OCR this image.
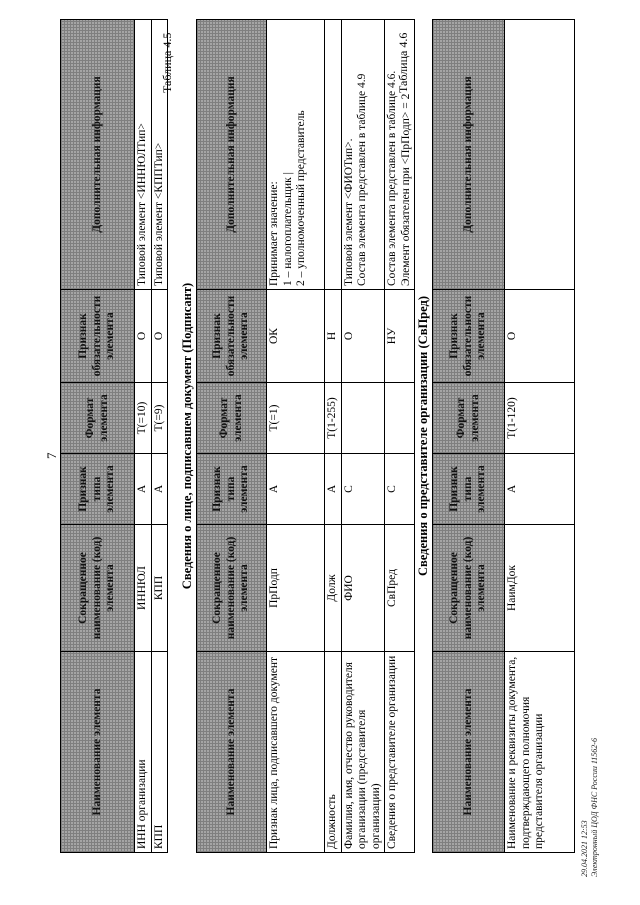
7
Наименование элемента	Сокращенное наименование (код) элемента	Признак типа элемента	Формат элемента	Признак обязательности элемента	Дополнительная информация
ИНН организации	ИННЮЛ	А	T(=10)	О	Типовой элемент <ИННЮЛТип>
КПП	КПП	А	T(=9)	О	Типовой элемент <КППТип>
Таблица 4.5
Сведения о лице, подписавшем документ (Подписант)
Наименование элемента	Сокращенное наименование (код) элемента	Признак типа элемента	Формат элемента	Признак обязательности элемента	Дополнительная информация
Признак лица, подписавшего документ	ПрПодп	А	T(=1)	ОК	Принимает значение: 1 – налогоплательщик | 2 – уполномоченный представитель

Должность	Долж	А	T(1-255)	Н	
Фамилия, имя, отчество руководителя организации (представителя организации)	ФИО	С		О	Типовой элемент <ФИОТип>. Состав элемента представлен в таблице 4.9

Сведения о представителе организации	СвПред	С		НУ	Состав элемента представлен в таблице 4.6. Элемент обязателен при <ПрПодп> = 2
Таблица 4.6
Сведения о представителе организации (СвПред)
Наименование элемента	Сокращенное наименование (код) элемента	Признак типа элемента	Формат элемента	Признак обязательности элемента	Дополнительная информация
Наименование и реквизиты документа, подтверждающего полномочия представителя организации	НаимДок	А	T(1-120)	О	
29.04.2021 12:53 Электронный ЦОД ФНС России 11562-6
